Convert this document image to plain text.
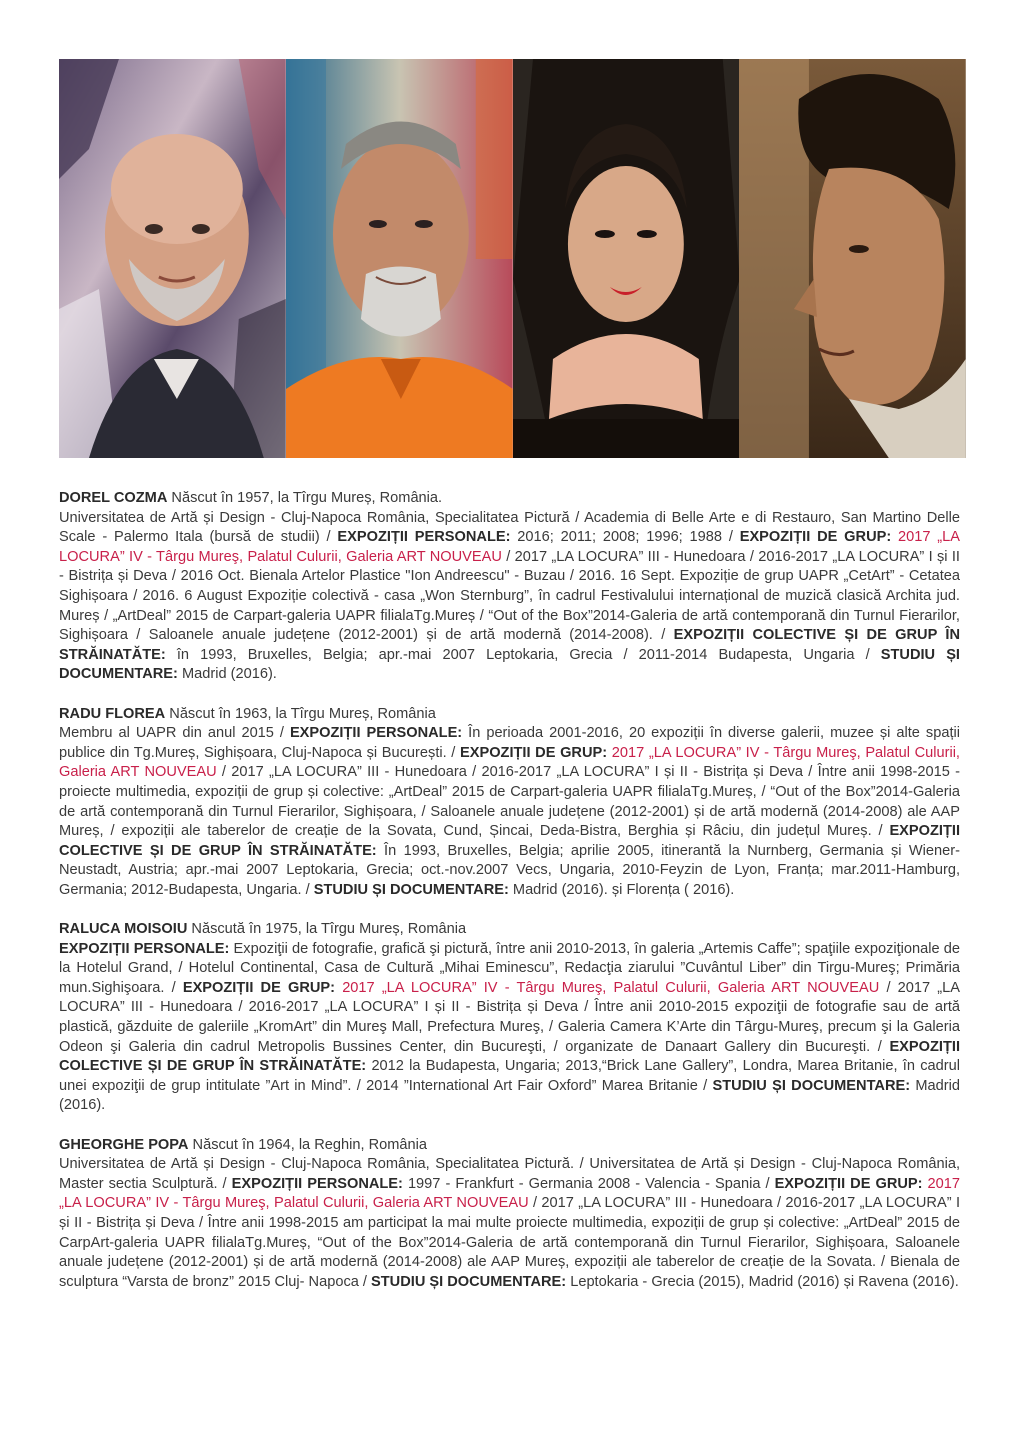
DOREL COZMA Născut în 1957, la Tîrgu Mureș, România.

Universitatea de Artă și Design - Cluj-Napoca România, Specialitatea Pictură / Academia di Belle Arte e di Restauro, San Martino Delle Scale - Palermo Itala (bursă de studii) / EXPOZIȚII PERSONALE: 2016; 2011; 2008; 1996; 1988 / EXPOZIȚII DE GRUP: 2017 „LA LOCURA” IV - Târgu Mureş, Palatul Culurii, Galeria ART NOUVEAU / 2017 „LA LOCURA” III - Hunedoara / 2016-2017 „LA LOCURA” I și II - Bistrița și Deva / 2016 Oct. Bienala Artelor Plastice "Ion Andreescu" - Buzau / 2016. 16 Sept. Expoziție de grup UAPR „CetArt” - Cetatea Sighișoara / 2016. 6 August Expoziție colectivă - casa „Won Sternburg”, în cadrul Festivalului internațional de muzică clasică Archita jud. Mureș / „ArtDeal” 2015 de Carpart-galeria UAPR filialaTg.Mureș / “Out of the Box”2014-Galeria de artă contemporană din Turnul Fierarilor, Sighișoara / Saloanele anuale județene (2012-2001) și de artă modernă (2014-2008). / EXPOZIȚII COLECTIVE ȘI DE GRUP ÎN STRĂINATĂTE: în 1993, Bruxelles, Belgia; apr.-mai 2007 Leptokaria, Grecia / 2011-2014 Budapesta, Ungaria / STUDIU ȘI DOCUMENTARE: Madrid (2016).

RADU FLOREA Născut în 1963, la Tîrgu Mureș, România

Membru al UAPR din anul 2015 / EXPOZIȚII PERSONALE: În perioada 2001-2016, 20 expoziții în diverse galerii, muzee și alte spații publice din Tg.Mureș, Sighișoara, Cluj-Napoca și București. / EXPOZIȚII DE GRUP: 2017 „LA LOCURA” IV - Târgu Mureş, Palatul Culurii, Galeria ART NOUVEAU / 2017 „LA LOCURA” III - Hunedoara / 2016-2017 „LA LOCURA” I și II - Bistrița și Deva / Între anii 1998-2015 - proiecte multimedia, expoziții de grup și colective: „ArtDeal” 2015 de Carpart-galeria UAPR filialaTg.Mureș, / “Out of the Box”2014-Galeria de artă contemporană din Turnul Fierarilor, Sighișoara, / Saloanele anuale județene (2012-2001) și de artă modernă (2014-2008) ale AAP Mureș, / expoziții ale taberelor de creație de la Sovata, Cund, Șincai, Deda-Bistra, Berghia și Râciu, din județul Mureș. / EXPOZIȚII COLECTIVE ȘI DE GRUP ÎN STRĂINATĂTE: În 1993, Bruxelles, Belgia; aprilie 2005, itinerantă la Nurnberg, Germania și Wiener-Neustadt, Austria; apr.-mai 2007 Leptokaria, Grecia; oct.-nov.2007 Vecs, Ungaria, 2010-Feyzin de Lyon, Franța; mar.2011-Hamburg, Germania; 2012-Budapesta, Ungaria. / STUDIU ȘI DOCUMENTARE: Madrid (2016). și Florența ( 2016).

RALUCA MOISOIU Născută în 1975, la Tîrgu Mureș, România

EXPOZIȚII PERSONALE: Expoziţii de fotografie, grafică şi pictură, între anii 2010-2013, în galeria „Artemis Caffe”; spaţiile expoziţionale de la Hotelul Grand, / Hotelul Continental, Casa de Cultură „Mihai Eminescu”, Redacţia ziarului ”Cuvântul Liber” din Tirgu-Mureş; Primăria mun.Sighişoara. / EXPOZIȚII DE GRUP: 2017 „LA LOCURA” IV - Târgu Mureş, Palatul Culurii, Galeria ART NOUVEAU / 2017 „LA LOCURA” III - Hunedoara / 2016-2017 „LA LOCURA” I și II - Bistrița și Deva / Între anii 2010-2015 expoziţii de fotografie sau de artă plastică, găzduite de galeriile „KromArt” din Mureş Mall, Prefectura Mureş, / Galeria Camera K’Arte din Târgu-Mureş, precum şi la Galeria Odeon şi Galeria din cadrul Metropolis Bussines Center, din Bucureşti, / organizate de Danaart Gallery din Bucureşti. / EXPOZIȚII COLECTIVE ȘI DE GRUP ÎN STRĂINATĂTE: 2012 la Budapesta, Ungaria; 2013,“Brick Lane Gallery”, Londra, Marea Britanie, în cadrul unei expoziţii de grup intitulate ”Art in Mind”. / 2014 ”International Art Fair Oxford” Marea Britanie / STUDIU ȘI DOCUMENTARE: Madrid (2016).

GHEORGHE POPA Născut în 1964, la Reghin, România

Universitatea de Artă și Design - Cluj-Napoca România, Specialitatea Pictură. / Universitatea de Artă și Design - Cluj-Napoca România, Master sectia Sculptură. / EXPOZIȚII PERSONALE: 1997 - Frankfurt - Germania 2008 - Valencia - Spania / EXPOZIȚII DE GRUP: 2017 „LA LOCURA” IV - Târgu Mureş, Palatul Culurii, Galeria ART NOUVEAU / 2017 „LA LOCURA” III - Hunedoara / 2016-2017 „LA LOCURA” I și II - Bistrița și Deva / Între anii 1998-2015 am participat la mai multe proiecte multimedia, expoziții de grup și colective: „ArtDeal” 2015 de CarpArt-galeria UAPR filialaTg.Mureș, “Out of the Box”2014-Galeria de artă contemporană din Turnul Fierarilor, Sighișoara, Saloanele anuale județene (2012-2001) și de artă modernă (2014-2008) ale AAP Mureș, expoziții ale taberelor de creație de la Sovata. / Bienala de sculptura “Varsta de bronz” 2015 Cluj- Napoca / STUDIU ȘI DOCUMENTARE: Leptokaria - Grecia (2015), Madrid (2016) și Ravena (2016).
